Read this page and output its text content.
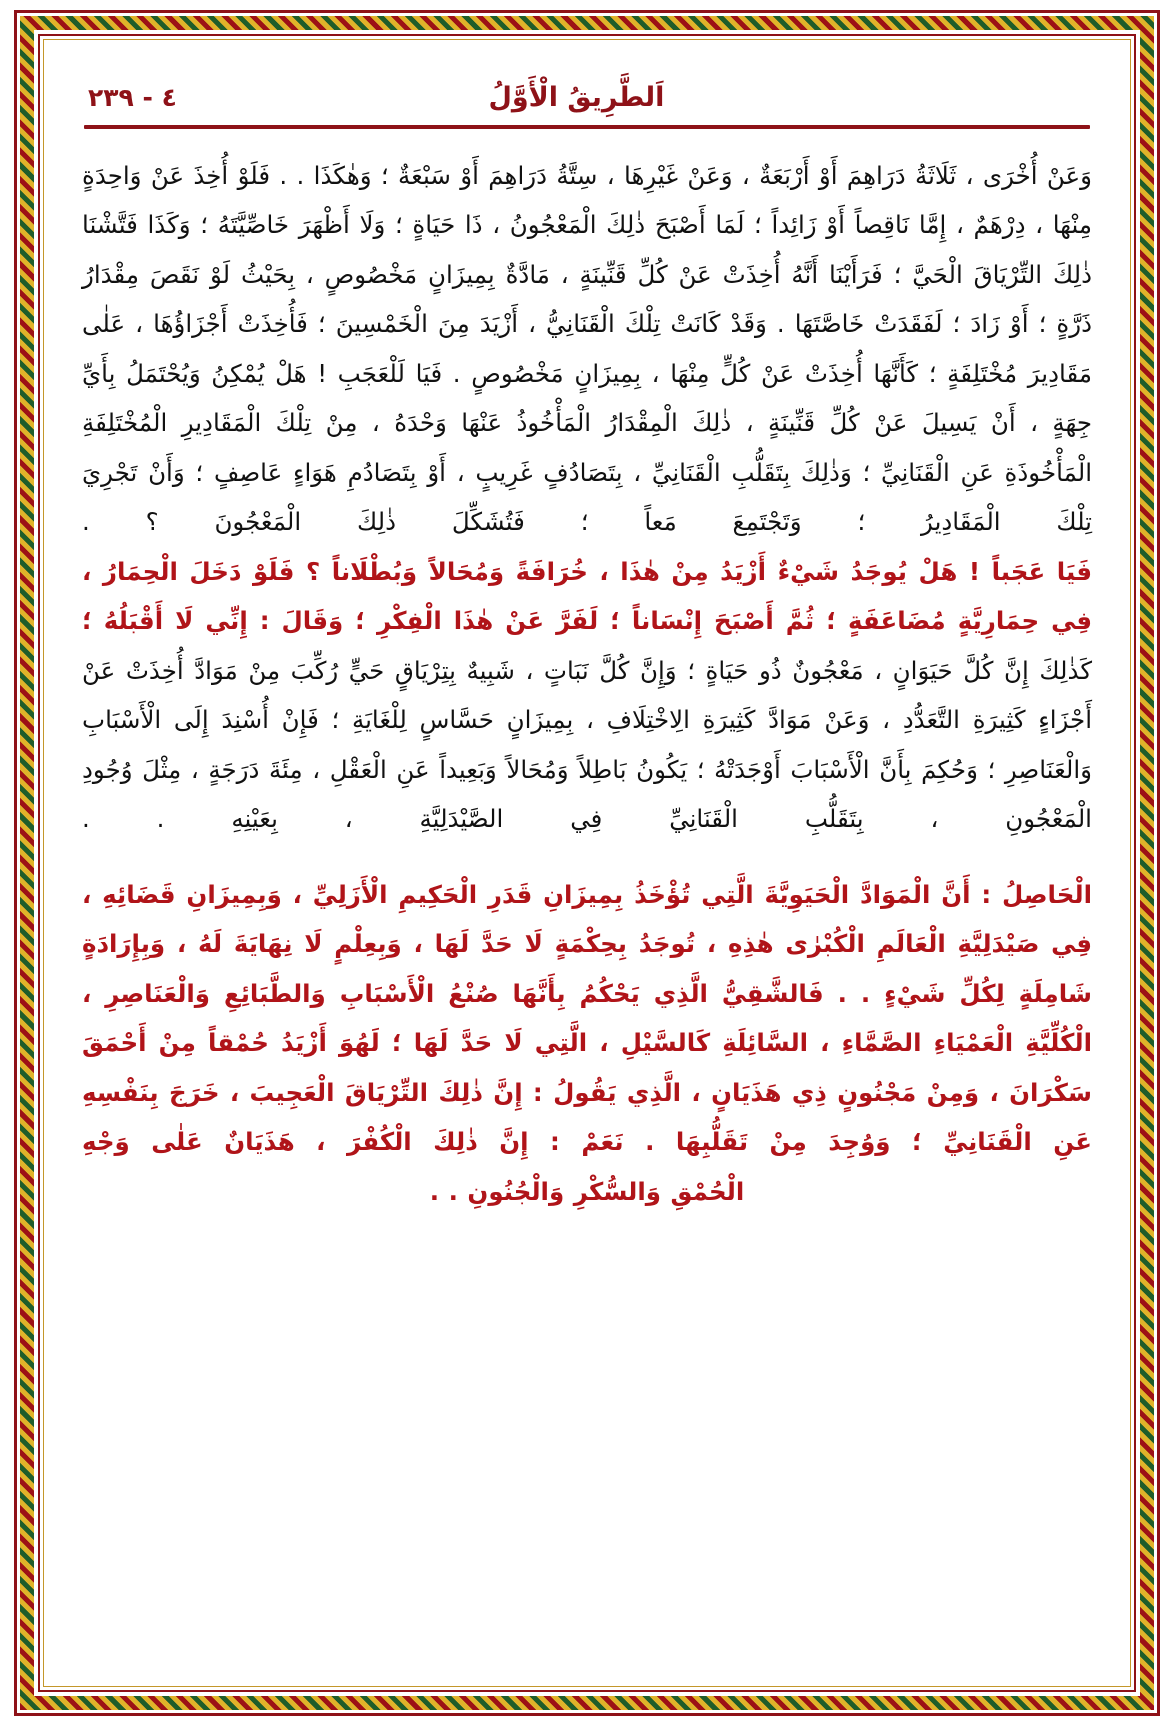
٤ - ٢٣٩	اَلطَّرِيقُ الْأَوَّلُ

وَعَنْ أُخْرَى ، ثَلَاثَةُ دَرَاهِمَ أَوْ أَرْبَعَةٌ ، وَعَنْ غَيْرِهَا ، سِتَّةُ دَرَاهِمَ أَوْ سَبْعَةٌ ؛ وَهٰكَذَا . . فَلَوْ أُخِذَ عَنْ وَاحِدَةٍ مِنْهَا ، دِرْهَمٌ ، إِمَّا نَاقِصاً أَوْ زَائِداً ؛ لَمَا أَصْبَحَ ذٰلِكَ الْمَعْجُونُ ، ذَا حَيَاةٍ ؛ وَلَا أَظْهَرَ خَاصِّيَّتَهُ ؛ وَكَذَا فَتَّشْنَا ذٰلِكَ التِّرْيَاقَ الْحَيَّ ؛ فَرَأَيْنَا أَنَّهُ أُخِذَتْ عَنْ كُلِّ قَنِّينَةٍ ، مَادَّةٌ بِمِيزَانٍ مَخْصُوصٍ ، بِحَيْثُ لَوْ نَقَصَ مِقْدَارُ ذَرَّةٍ ؛ أَوْ زَادَ ؛ لَفَقَدَتْ خَاصَّتَهَا . وَقَدْ كَانَتْ تِلْكَ الْقَنَانِيُّ ، أَزْيَدَ مِنَ الْخَمْسِينَ ؛ فَأُخِذَتْ أَجْزَاؤُهَا ، عَلٰى مَقَادِيرَ مُخْتَلِفَةٍ ؛ كَأَنَّهَا أُخِذَتْ عَنْ كُلٍّ مِنْهَا ، بِمِيزَانٍ مَخْصُوصٍ . فَيَا لَلْعَجَبِ ! هَلْ يُمْكِنُ وَيُحْتَمَلُ بِأَيِّ جِهَةٍ ، أَنْ يَسِيلَ عَنْ كُلِّ قَنِّينَةٍ ، ذٰلِكَ الْمِقْدَارُ الْمَأْخُوذُ عَنْهَا وَحْدَهُ ، مِنْ تِلْكَ الْمَقَادِيرِ الْمُخْتَلِفَةِ الْمَأْخُوذَةِ عَنِ الْقَنَانِيِّ ؛ وَذٰلِكَ بِتَقَلُّبِ الْقَنَانِيِّ ، بِتَصَادُفٍ غَرِيبٍ ، أَوْ بِتَصَادُمِ هَوَاءٍ عَاصِفٍ ؛ وَأَنْ تَجْرِيَ تِلْكَ الْمَقَادِيرُ ؛ وَتَجْتَمِعَ مَعاً ؛ فَتُشَكِّلَ ذٰلِكَ الْمَعْجُونَ ؟ .

فَيَا عَجَباً ! هَلْ يُوجَدُ شَيْءٌ أَزْيَدُ مِنْ هٰذَا ، خُرَافَةً وَمُحَالاً وَبُطْلَاناً ؟ فَلَوْ دَخَلَ الْحِمَارُ ، فِي حِمَارِيَّةٍ مُضَاعَفَةٍ ؛ ثُمَّ أَصْبَحَ إِنْسَاناً ؛ لَفَرَّ عَنْ هٰذَا الْفِكْرِ ؛ وَقَالَ : إِنِّي لَا أَقْبَلُهُ ؛

كَذٰلِكَ إِنَّ كُلَّ حَيَوَانٍ ، مَعْجُونٌ ذُو حَيَاةٍ ؛ وَإِنَّ كُلَّ نَبَاتٍ ، شَبِيهٌ بِتِرْيَاقٍ حَيٍّ رُكِّبَ مِنْ مَوَادَّ أُخِذَتْ عَنْ أَجْزَاءٍ كَثِيرَةِ التَّعَدُّدِ ، وَعَنْ مَوَادَّ كَثِيرَةِ الِاخْتِلَافِ ، بِمِيزَانٍ حَسَّاسٍ لِلْغَايَةِ ؛ فَإِنْ أُسْنِدَ إِلَى الْأَسْبَابِ وَالْعَنَاصِرِ ؛ وَحُكِمَ بِأَنَّ الْأَسْبَابَ أَوْجَدَتْهُ ؛ يَكُونُ بَاطِلاً وَمُحَالاً وَبَعِيداً عَنِ الْعَقْلِ ، مِئَةَ دَرَجَةٍ ، مِثْلَ وُجُودِ الْمَعْجُونِ ، بِتَقَلُّبِ الْقَنَانِيِّ فِي الصَّيْدَلِيَّةِ ، بِعَيْنِهِ . .

الْحَاصِلُ : أَنَّ الْمَوَادَّ الْحَيَوِيَّةَ الَّتِي تُؤْخَذُ بِمِيزَانِ قَدَرِ الْحَكِيمِ الْأَزَلِيِّ ، وَبِمِيزَانِ قَضَائِهِ ، فِي صَيْدَلِيَّةِ الْعَالَمِ الْكُبْرٰى هٰذِهِ ، تُوجَدُ بِحِكْمَةٍ لَا حَدَّ لَهَا ، وَبِعِلْمٍ لَا نِهَايَةَ لَهُ ، وَبِإِرَادَةٍ شَامِلَةٍ لِكُلِّ شَيْءٍ . . فَالشَّقِيُّ الَّذِي يَحْكُمُ بِأَنَّهَا صُنْعُ الْأَسْبَابِ وَالطَّبَائِعِ وَالْعَنَاصِرِ ، الْكُلِّيَّةِ الْعَمْيَاءِ الصَّمَّاءِ ، السَّائِلَةِ كَالسَّيْلِ ، الَّتِي لَا حَدَّ لَهَا ؛ لَهُوَ أَزْيَدُ حُمْقاً مِنْ أَحْمَقَ سَكْرَانَ ، وَمِنْ مَجْنُونٍ ذِي هَذَيَانٍ ، الَّذِي يَقُولُ : إِنَّ ذٰلِكَ التِّرْيَاقَ الْعَجِيبَ ، خَرَجَ بِنَفْسِهِ عَنِ الْقَنَانِيِّ ؛ وَوُجِدَ مِنْ تَقَلُّبِهَا . نَعَمْ : إِنَّ ذٰلِكَ الْكُفْرَ ، هَذَيَانٌ عَلٰى وَجْهِ

الْحُمْقِ وَالسُّكْرِ وَالْجُنُونِ . .
